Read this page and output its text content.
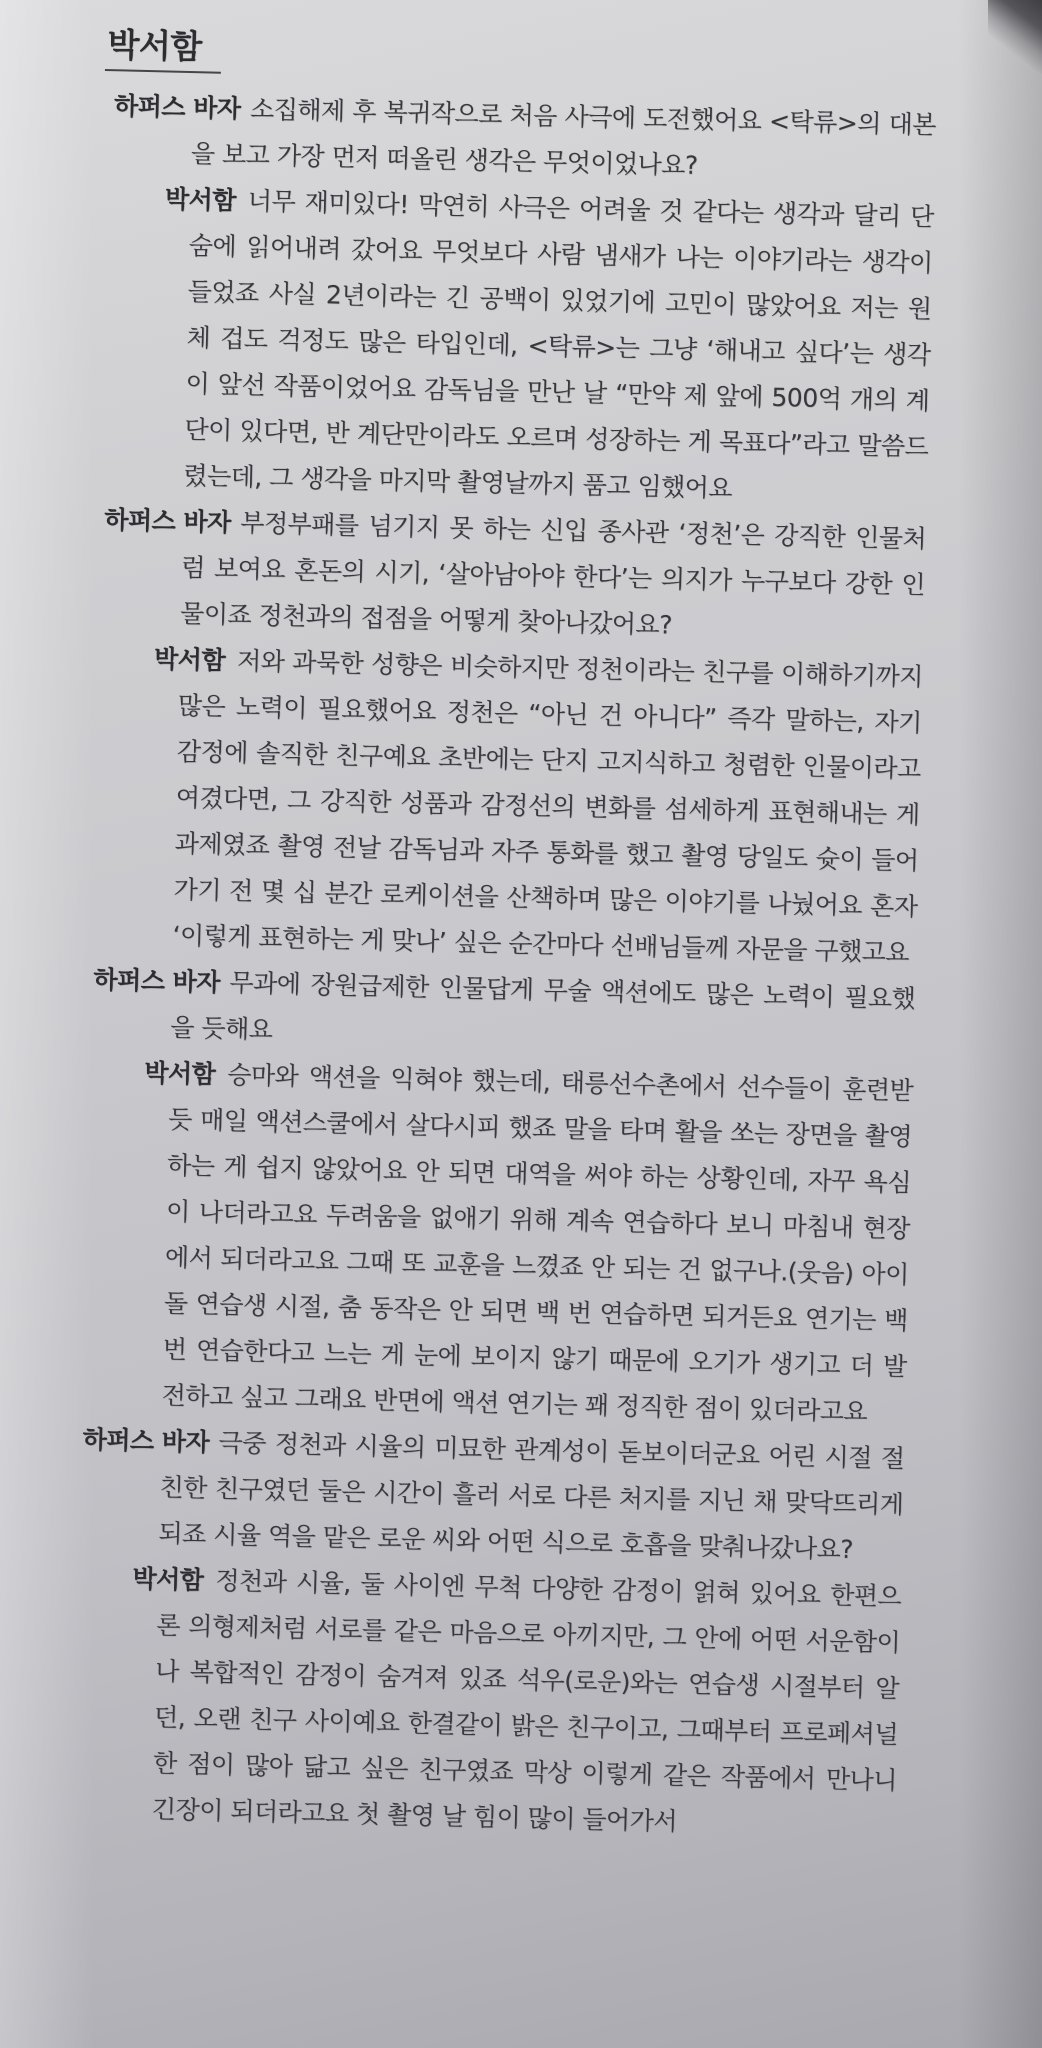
박서함

하퍼스 바자 소집해제 후 복귀작으로 처음 사극에 도전했어요 <탁류>의 대본을 보고 가장 먼저 떠올린 생각은 무엇이었나요?

박서함 너무 재미있다! 막연히 사극은 어려울 것 같다는 생각과 달리 단숨에 읽어내려 갔어요 무엇보다 사람 냄새가 나는 이야기라는 생각이 들었죠 사실 2년이라는 긴 공백이 있었기에 고민이 많았어요 저는 원체 겁도 걱정도 많은 타입인데, <탁류>는 그냥 ‘해내고 싶다’는 생각이 앞선 작품이었어요 감독님을 만난 날 “만약 제 앞에 500억 개의 계단이 있다면, 반 계단만이라도 오르며 성장하는 게 목표다”라고 말씀드렸는데, 그 생각을 마지막 촬영날까지 품고 임했어요

하퍼스 바자 부정부패를 넘기지 못 하는 신입 종사관 ‘정천’은 강직한 인물처럼 보여요 혼돈의 시기, ‘살아남아야 한다’는 의지가 누구보다 강한 인물이죠 정천과의 접점을 어떻게 찾아나갔어요?

박서함 저와 과묵한 성향은 비슷하지만 정천이라는 친구를 이해하기까지 많은 노력이 필요했어요 정천은 “아닌 건 아니다” 즉각 말하는, 자기 감정에 솔직한 친구예요 초반에는 단지 고지식하고 청렴한 인물이라고 여겼다면, 그 강직한 성품과 감정선의 변화를 섬세하게 표현해내는 게 과제였죠 촬영 전날 감독님과 자주 통화를 했고 촬영 당일도 슛이 들어가기 전 몇 십 분간 로케이션을 산책하며 많은 이야기를 나눴어요 혼자 ‘이렇게 표현하는 게 맞나’ 싶은 순간마다 선배님들께 자문을 구했고요

하퍼스 바자 무과에 장원급제한 인물답게 무술 액션에도 많은 노력이 필요했을 듯해요

박서함 승마와 액션을 익혀야 했는데, 태릉선수촌에서 선수들이 훈련받듯 매일 액션스쿨에서 살다시피 했죠 말을 타며 활을 쏘는 장면을 촬영하는 게 쉽지 않았어요 안 되면 대역을 써야 하는 상황인데, 자꾸 욕심이 나더라고요 두려움을 없애기 위해 계속 연습하다 보니 마침내 현장에서 되더라고요 그때 또 교훈을 느꼈죠 안 되는 건 없구나.(웃음) 아이돌 연습생 시절, 춤 동작은 안 되면 백 번 연습하면 되거든요 연기는 백 번 연습한다고 느는 게 눈에 보이지 않기 때문에 오기가 생기고 더 발전하고 싶고 그래요 반면에 액션 연기는 꽤 정직한 점이 있더라고요

하퍼스 바자 극중 정천과 시율의 미묘한 관계성이 돋보이더군요 어린 시절 절친한 친구였던 둘은 시간이 흘러 서로 다른 처지를 지닌 채 맞닥뜨리게 되죠 시율 역을 맡은 로운 씨와 어떤 식으로 호흡을 맞춰나갔나요?

박서함 정천과 시율, 둘 사이엔 무척 다양한 감정이 얽혀 있어요 한편으론 의형제처럼 서로를 같은 마음으로 아끼지만, 그 안에 어떤 서운함이나 복합적인 감정이 숨겨져 있죠 석우(로운)와는 연습생 시절부터 알던, 오랜 친구 사이예요 한결같이 밝은 친구이고, 그때부터 프로페셔널한 점이 많아 닮고 싶은 친구였죠 막상 이렇게 같은 작품에서 만나니 긴장이 되더라고요 첫 촬영 날 힘이 많이 들어가서
